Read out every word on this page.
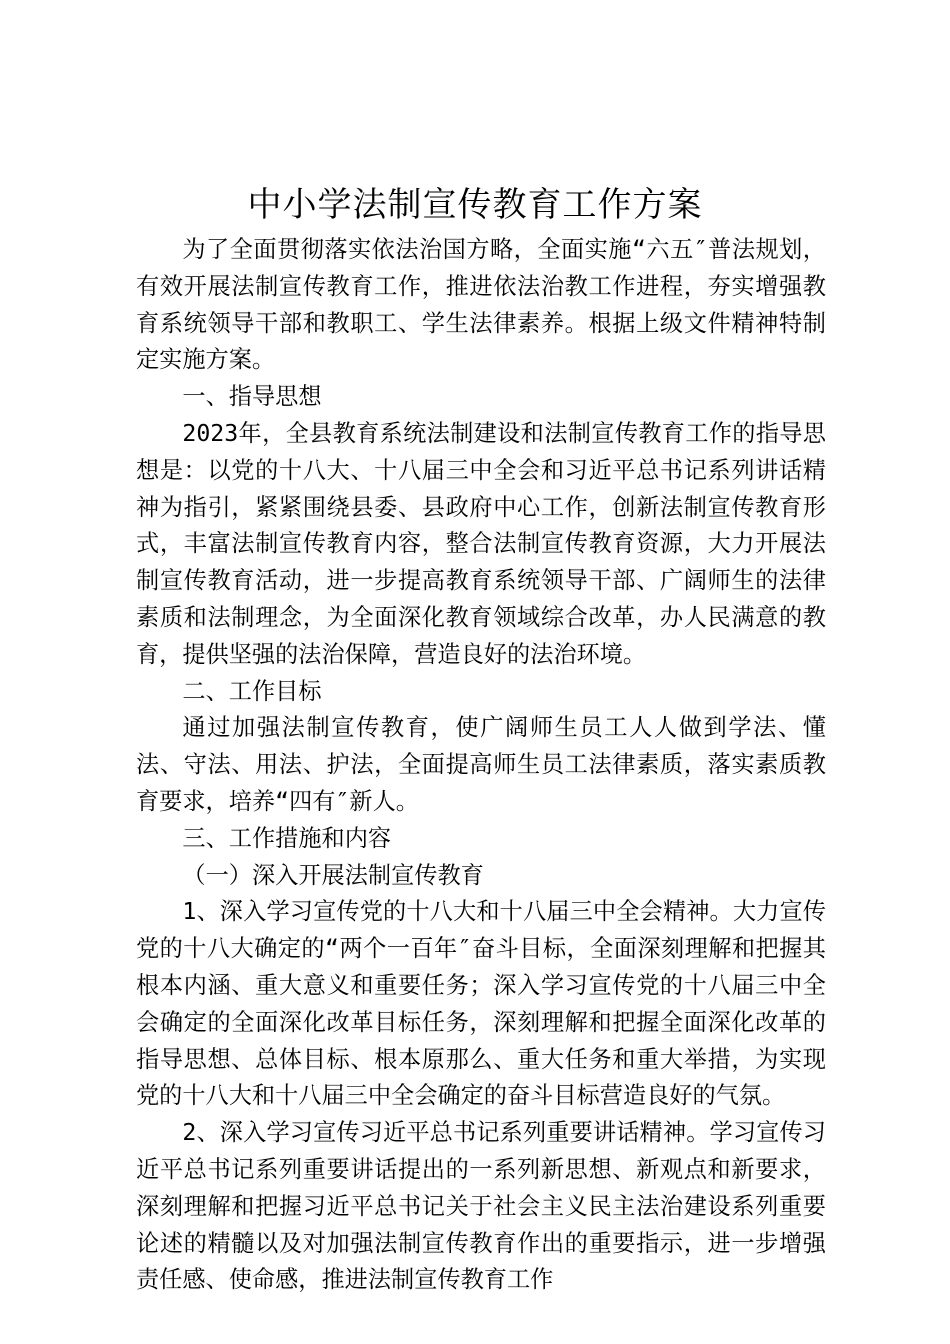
中小学法制宣传教育工作方案

为了全面贯彻落实依法治国方略，全面实施“六五″普法规划，有效开展法制宣传教育工作，推进依法治教工作进程，夯实增强教育系统领导干部和教职工、学生法律素养。根据上级文件精神特制定实施方案。

一、指导思想

2023年，全县教育系统法制建设和法制宣传教育工作的指导思想是：以党的十八大、十八届三中全会和习近平总书记系列讲话精神为指引，紧紧围绕县委、县政府中心工作，创新法制宣传教育形式，丰富法制宣传教育内容，整合法制宣传教育资源，大力开展法制宣传教育活动，进一步提高教育系统领导干部、广阔师生的法律素质和法制理念，为全面深化教育领域综合改革，办人民满意的教育，提供坚强的法治保障，营造良好的法治环境。

二、工作目标

通过加强法制宣传教育，使广阔师生员工人人做到学法、懂法、守法、用法、护法，全面提高师生员工法律素质，落实素质教育要求，培养“四有″新人。

三、工作措施和内容

（一）深入开展法制宣传教育

1、深入学习宣传党的十八大和十八届三中全会精神。大力宣传党的十八大确定的“两个一百年″奋斗目标，全面深刻理解和把握其根本内涵、重大意义和重要任务；深入学习宣传党的十八届三中全会确定的全面深化改革目标任务，深刻理解和把握全面深化改革的指导思想、总体目标、根本原那么、重大任务和重大举措，为实现党的十八大和十八届三中全会确定的奋斗目标营造良好的气氛。

2、深入学习宣传习近平总书记系列重要讲话精神。学习宣传习近平总书记系列重要讲话提出的一系列新思想、新观点和新要求，深刻理解和把握习近平总书记关于社会主义民主法治建设系列重要论述的精髓以及对加强法制宣传教育作出的重要指示，进一步增强责任感、使命感，推进法制宣传教育工作
